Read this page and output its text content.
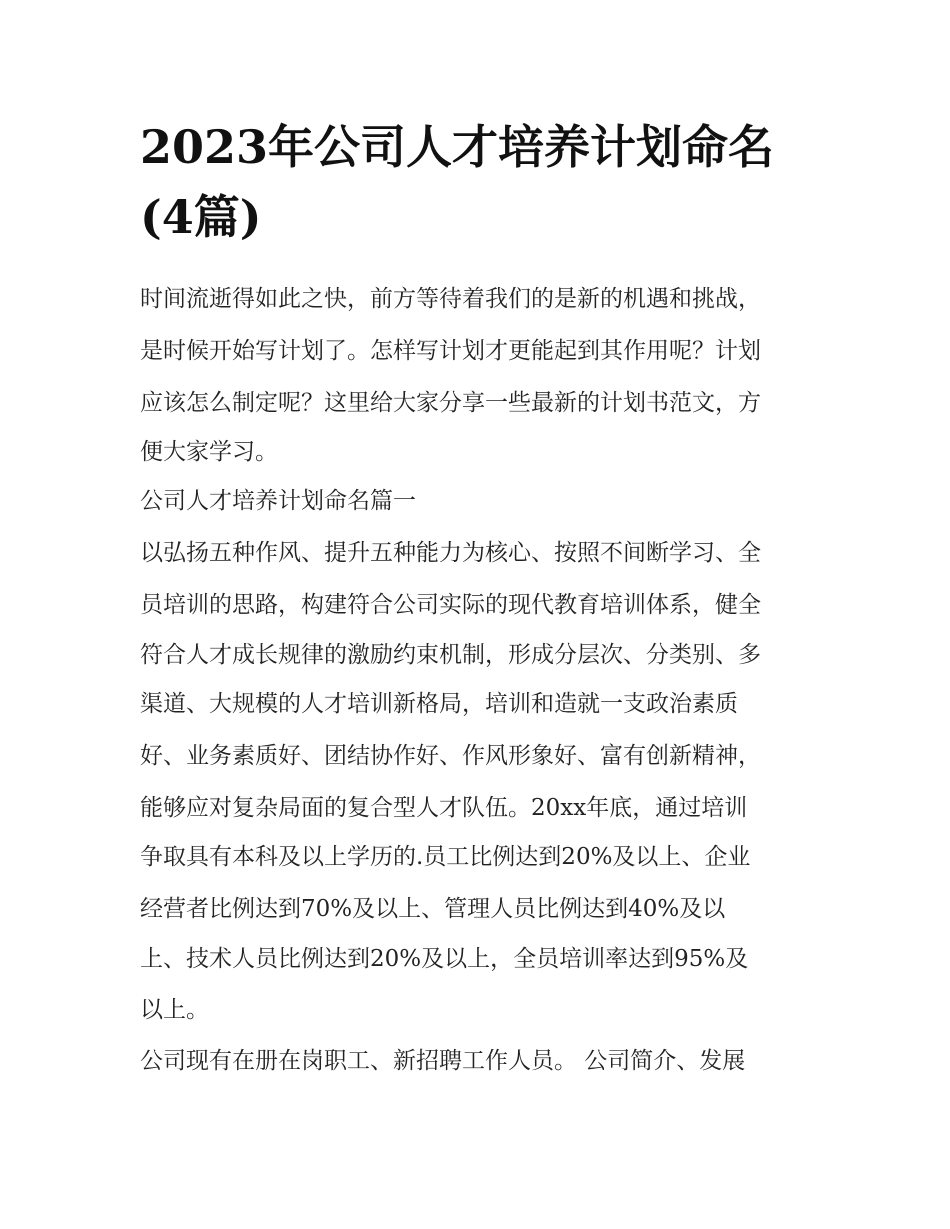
2023年公司人才培养计划命名(4篇)

时间流逝得如此之快，前方等待着我们的是新的机遇和挑战，

是时候开始写计划了。怎样写计划才更能起到其作用呢？计划

应该怎么制定呢？这里给大家分享一些最新的计划书范文，方

便大家学习。

公司人才培养计划命名篇一

以弘扬五种作风、提升五种能力为核心、按照不间断学习、全

员培训的思路，构建符合公司实际的现代教育培训体系，健全

符合人才成长规律的激励约束机制，形成分层次、分类别、多

渠道、大规模的人才培训新格局，培训和造就一支政治素质

好、业务素质好、团结协作好、作风形象好、富有创新精神，

能够应对复杂局面的复合型人才队伍。20xx年底，通过培训

争取具有本科及以上学历的.员工比例达到20%及以上、企业

经营者比例达到70%及以上、管理人员比例达到40%及以

上、技术人员比例达到20%及以上，全员培训率达到95%及

以上。

公司现有在册在岗职工、新招聘工作人员。 公司简介、发展
